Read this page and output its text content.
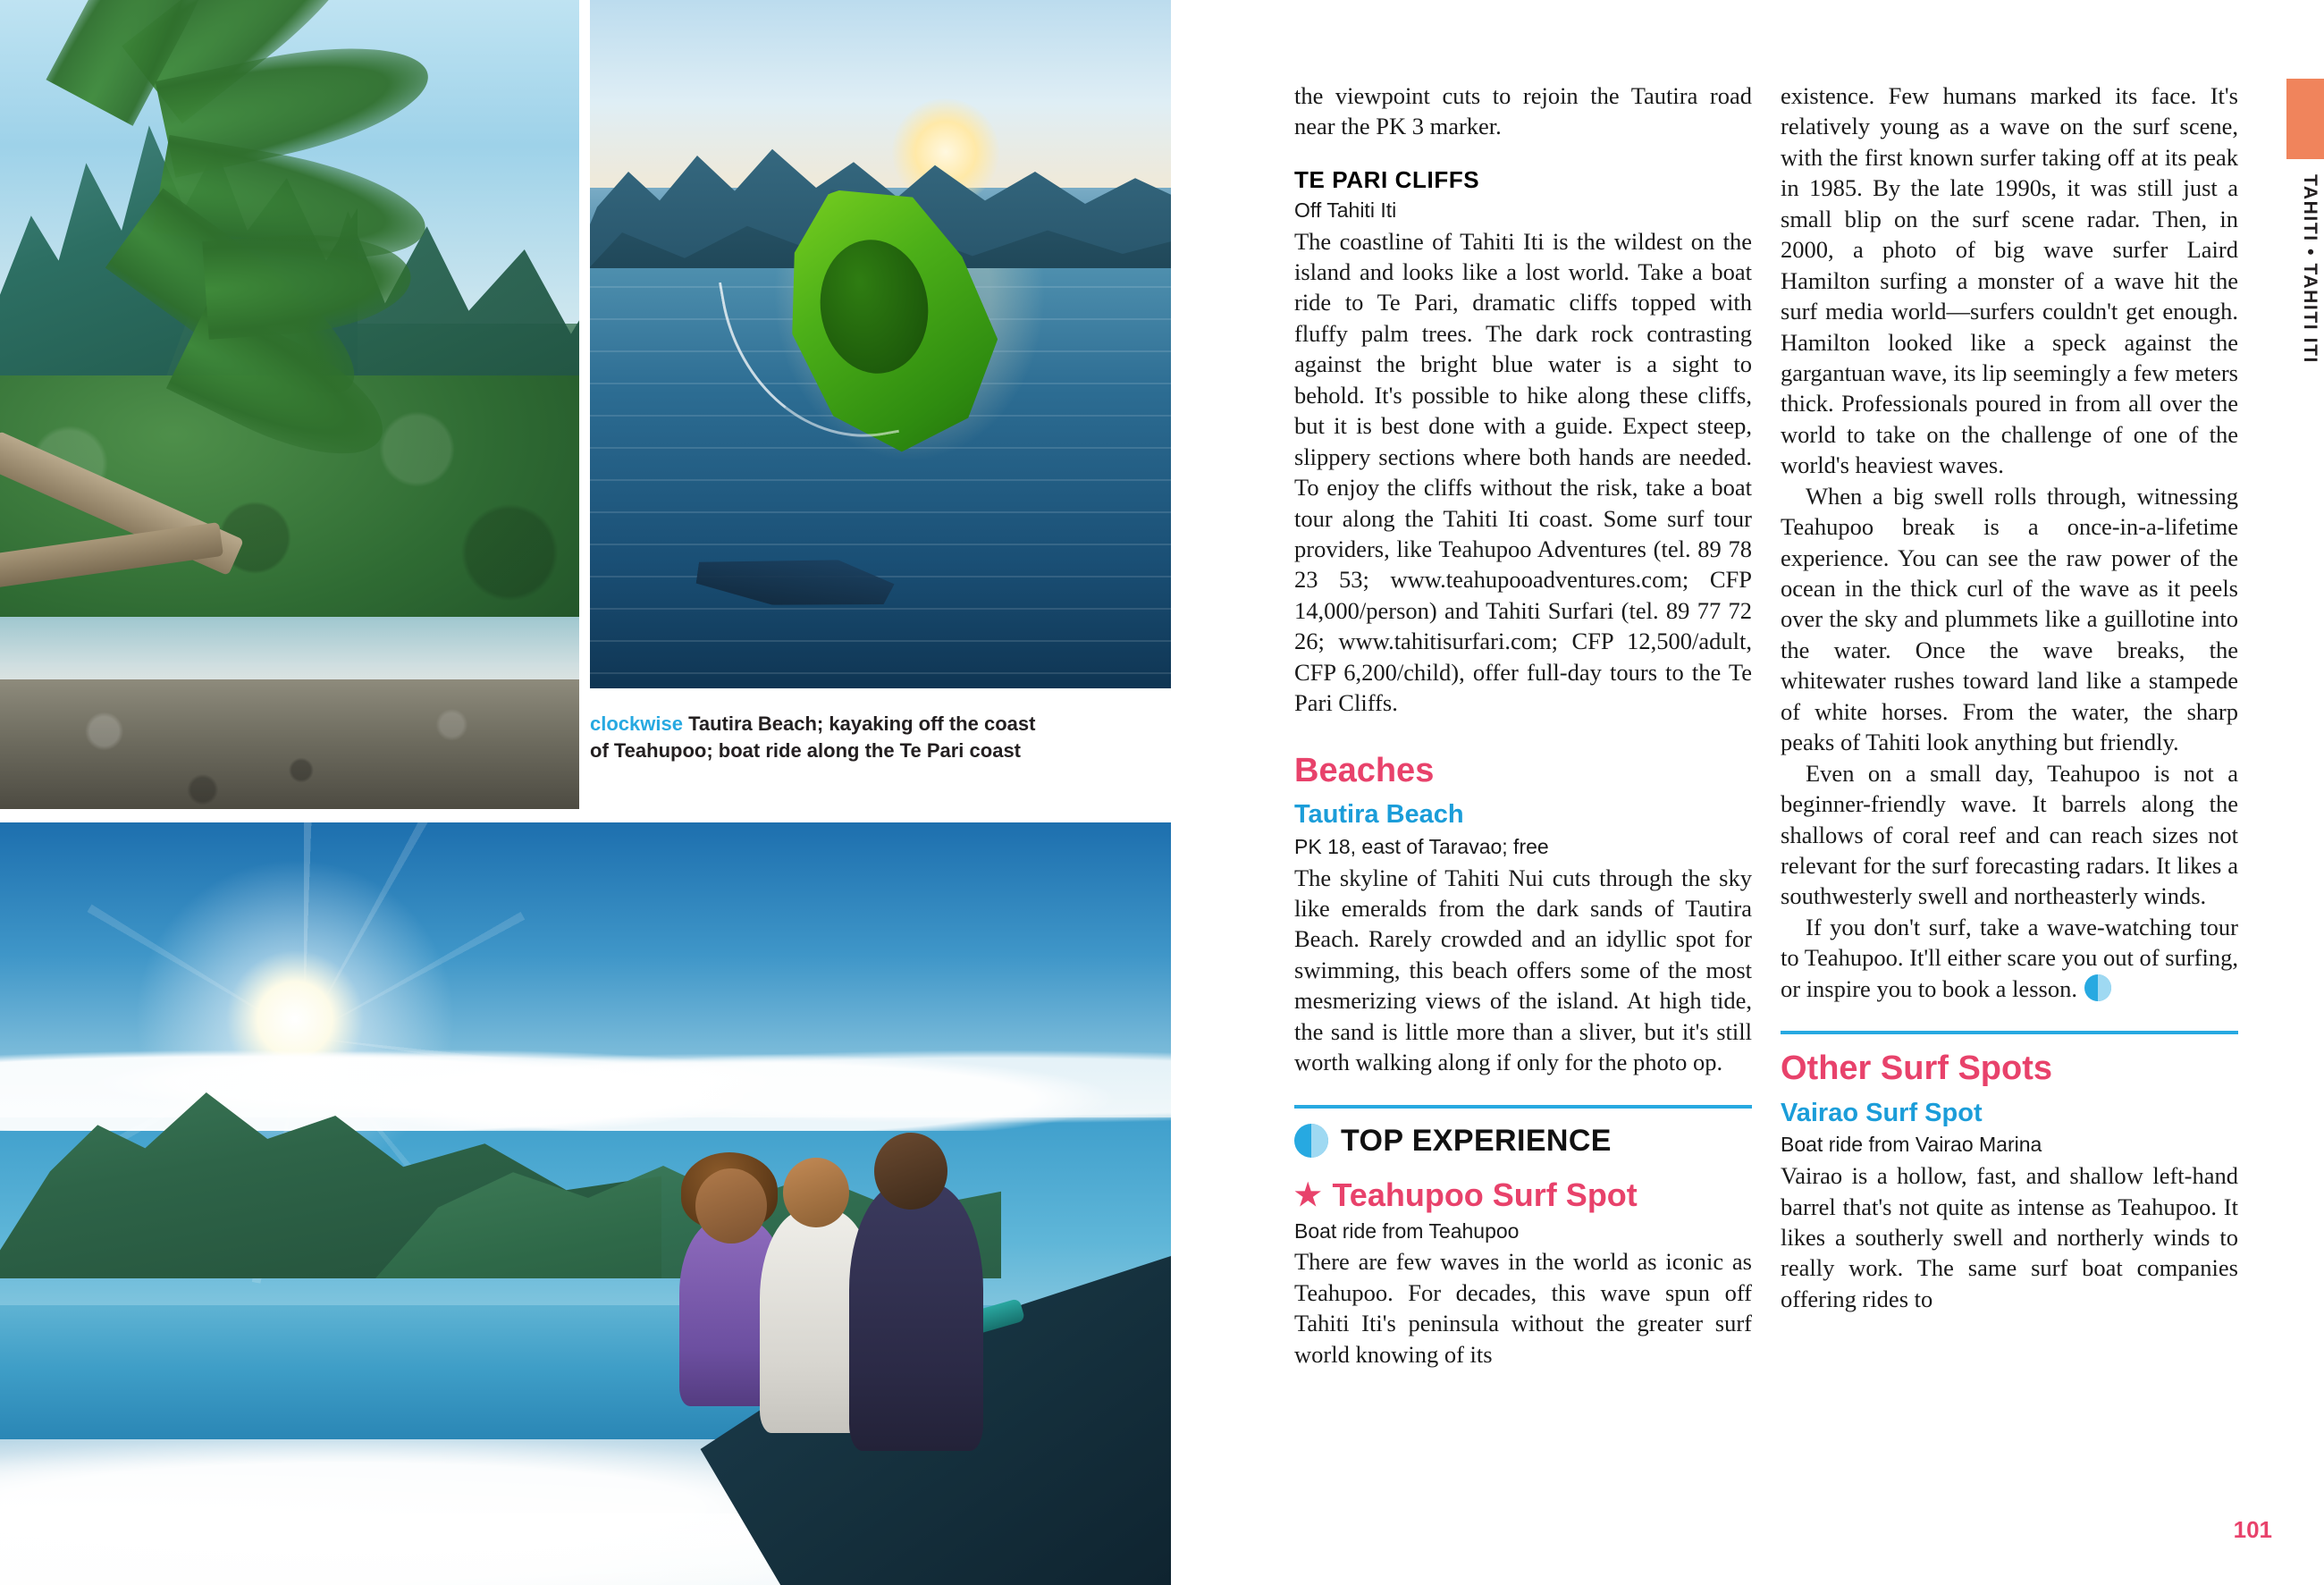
clockwise Tautira Beach; kayaking off the coast of Teahupoo; boat ride along the Te Pari coast
TAHITI • TAHITI ITI

the viewpoint cuts to rejoin the Tautira road near the PK 3 marker.

TE PARI CLIFFS
Off Tahiti Iti

The coastline of Tahiti Iti is the wildest on the island and looks like a lost world. Take a boat ride to Te Pari, dramatic cliffs topped with fluffy palm trees. The dark rock contrasting against the bright blue water is a sight to behold. It's possible to hike along these cliffs, but it is best done with a guide. Expect steep, slippery sections where both hands are needed. To enjoy the cliffs without the risk, take a boat tour along the Tahiti Iti coast. Some surf tour providers, like Teahupoo Adventures (tel. 89 78 23 53; www.teahupooadventures.com; CFP 14,000/person) and Tahiti Surfari (tel. 89 77 72 26; www.tahitisurfari.com; CFP 12,500/adult, CFP 6,200/child), offer full-day tours to the Te Pari Cliffs.

Beaches
Tautira Beach
PK 18, east of Taravao; free

The skyline of Tahiti Nui cuts through the sky like emeralds from the dark sands of Tautira Beach. Rarely crowded and an idyllic spot for swimming, this beach offers some of the most mesmerizing views of the island. At high tide, the sand is little more than a sliver, but it's still worth walking along if only for the photo op.

TOP EXPERIENCE
★ Teahupoo Surf Spot
Boat ride from Teahupoo

There are few waves in the world as iconic as Teahupoo. For decades, this wave spun off Tahiti Iti's peninsula without the greater surf world knowing of its

existence. Few humans marked its face. It's relatively young as a wave on the surf scene, with the first known surfer taking off at its peak in 1985. By the late 1990s, it was still just a small blip on the surf scene radar. Then, in 2000, a photo of big wave surfer Laird Hamilton surfing a monster of a wave hit the surf media world—surfers couldn't get enough. Hamilton looked like a speck against the gargantuan wave, its lip seemingly a few meters thick. Professionals poured in from all over the world to take on the challenge of one of the world's heaviest waves.

When a big swell rolls through, witnessing Teahupoo break is a once-in-a-lifetime experience. You can see the raw power of the ocean in the thick curl of the wave as it peels over the sky and plummets like a guillotine into the water. Once the wave breaks, the whitewater rushes toward land like a stampede of white horses. From the water, the sharp peaks of Tahiti look anything but friendly.

Even on a small day, Teahupoo is not a beginner-friendly wave. It barrels along the shallows of coral reef and can reach sizes not relevant for the surf forecasting radars. It likes a southwesterly swell and northeasterly winds.

If you don't surf, take a wave-watching tour to Teahupoo. It'll either scare you out of surfing, or inspire you to book a lesson.

Other Surf Spots
Vairao Surf Spot
Boat ride from Vairao Marina

Vairao is a hollow, fast, and shallow left-hand barrel that's not quite as intense as Teahupoo. It likes a southerly swell and northerly winds to really work. The same surf boat companies offering rides to

101
